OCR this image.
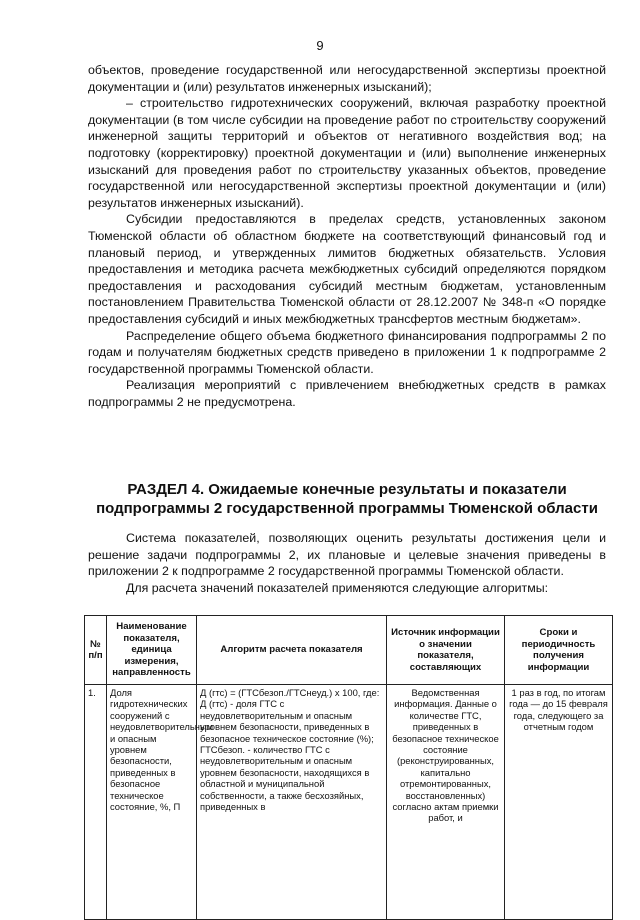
9

объектов, проведение государственной или негосударственной экспертизы проектной документации и (или) результатов инженерных изысканий);

– строительство гидротехнических сооружений, включая разработку проектной документации (в том числе субсидии на проведение работ по строительству сооружений инженерной защиты территорий и объектов от негативного воздействия вод; на подготовку (корректировку) проектной документации и (или) выполнение инженерных изысканий для проведения работ по строительству указанных объектов, проведение государственной или негосударственной экспертизы проектной документации и (или) результатов инженерных изысканий).

Субсидии предоставляются в пределах средств, установленных законом Тюменской области об областном бюджете на соответствующий финансовый год и плановый период, и утвержденных лимитов бюджетных обязательств. Условия предоставления и методика расчета межбюджетных субсидий определяются порядком предоставления и расходования субсидий местным бюджетам, установленным постановлением Правительства Тюменской области от 28.12.2007 № 348-п «О порядке предоставления субсидий и иных межбюджетных трансфертов местным бюджетам».

Распределение общего объема бюджетного финансирования подпрограммы 2 по годам и получателям бюджетных средств приведено в приложении 1 к подпрограмме 2 государственной программы Тюменской области.

Реализация мероприятий с привлечением внебюджетных средств в рамках подпрограммы 2 не предусмотрена.

РАЗДЕЛ 4. Ожидаемые конечные результаты и показатели подпрограммы 2 государственной программы Тюменской области

Система показателей, позволяющих оценить результаты достижения цели и решение задачи подпрограммы 2, их плановые и целевые значения приведены в приложении 2 к подпрограмме 2 государственной программы Тюменской области.

Для расчета значений показателей применяются следующие алгоритмы:

№ п/п	Наименование показателя, единица измерения, направленность	Алгоритм расчета показателя	Источник информации о значении показателя, составляющих	Сроки и периодичность получения информации
1.	Доля гидротехнических сооружений с неудовлетворительным и опасным уровнем безопасности, приведенных в безопасное техническое состояние, %, П	Д (гтс) = (ГТСбезоп./ГТСнеуд.) х 100, где: Д (гтс) - доля ГТС с неудовлетворительным и опасным уровнем безопасности, приведенных в безопасное техническое состояние (%); ГТСбезоп. - количество ГТС с неудовлетворительным и опасным уровнем безопасности, находящихся в областной и муниципальной собственности, а также бесхозяйных, приведенных в	Ведомственная информация. Данные о количестве ГТС, приведенных в безопасное техническое состояние (реконструированных, капитально отремонтированных, восстановленных) согласно актам приемки работ, и	1 раз в год, по итогам года — до 15 февраля года, следующего за отчетным годом
